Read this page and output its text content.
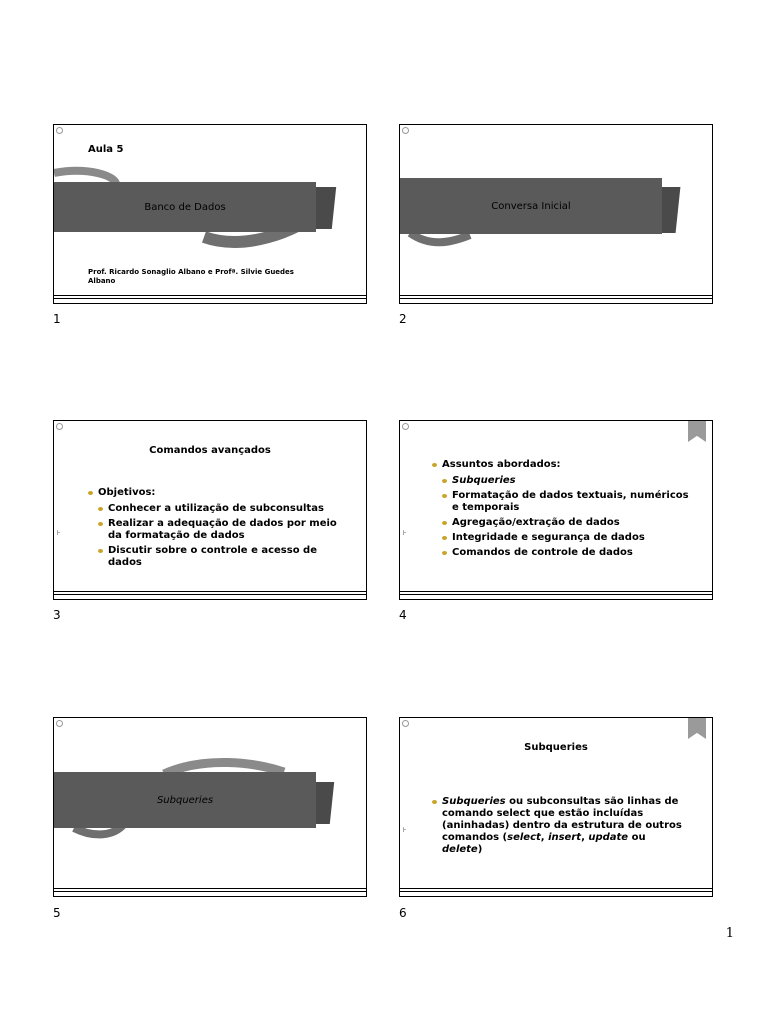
Aula 5
Banco de Dados
Prof. Ricardo Sonaglio Albano e Profª. Silvie Guedes Albano

1
Conversa Inicial

2
Comandos avançados
Objetivos:
Conhecer a utilização de subconsultas
Realizar a adequação de dados por meio da formatação de dados
Discutir sobre o controle e acesso de dados
⊦
3
Assuntos abordados:
Subqueries
Formatação de dados textuais, numéricos e temporais
Agregação/extração de dados
Integridade e segurança de dados
Comandos de controle de dados
⊦
4
Subqueries

5
Subqueries
Subqueries ou subconsultas são linhas de comando select que estão incluídas (aninhadas) dentro da estrutura de outros comandos (select, insert, update ou delete)
⊦
6
1
